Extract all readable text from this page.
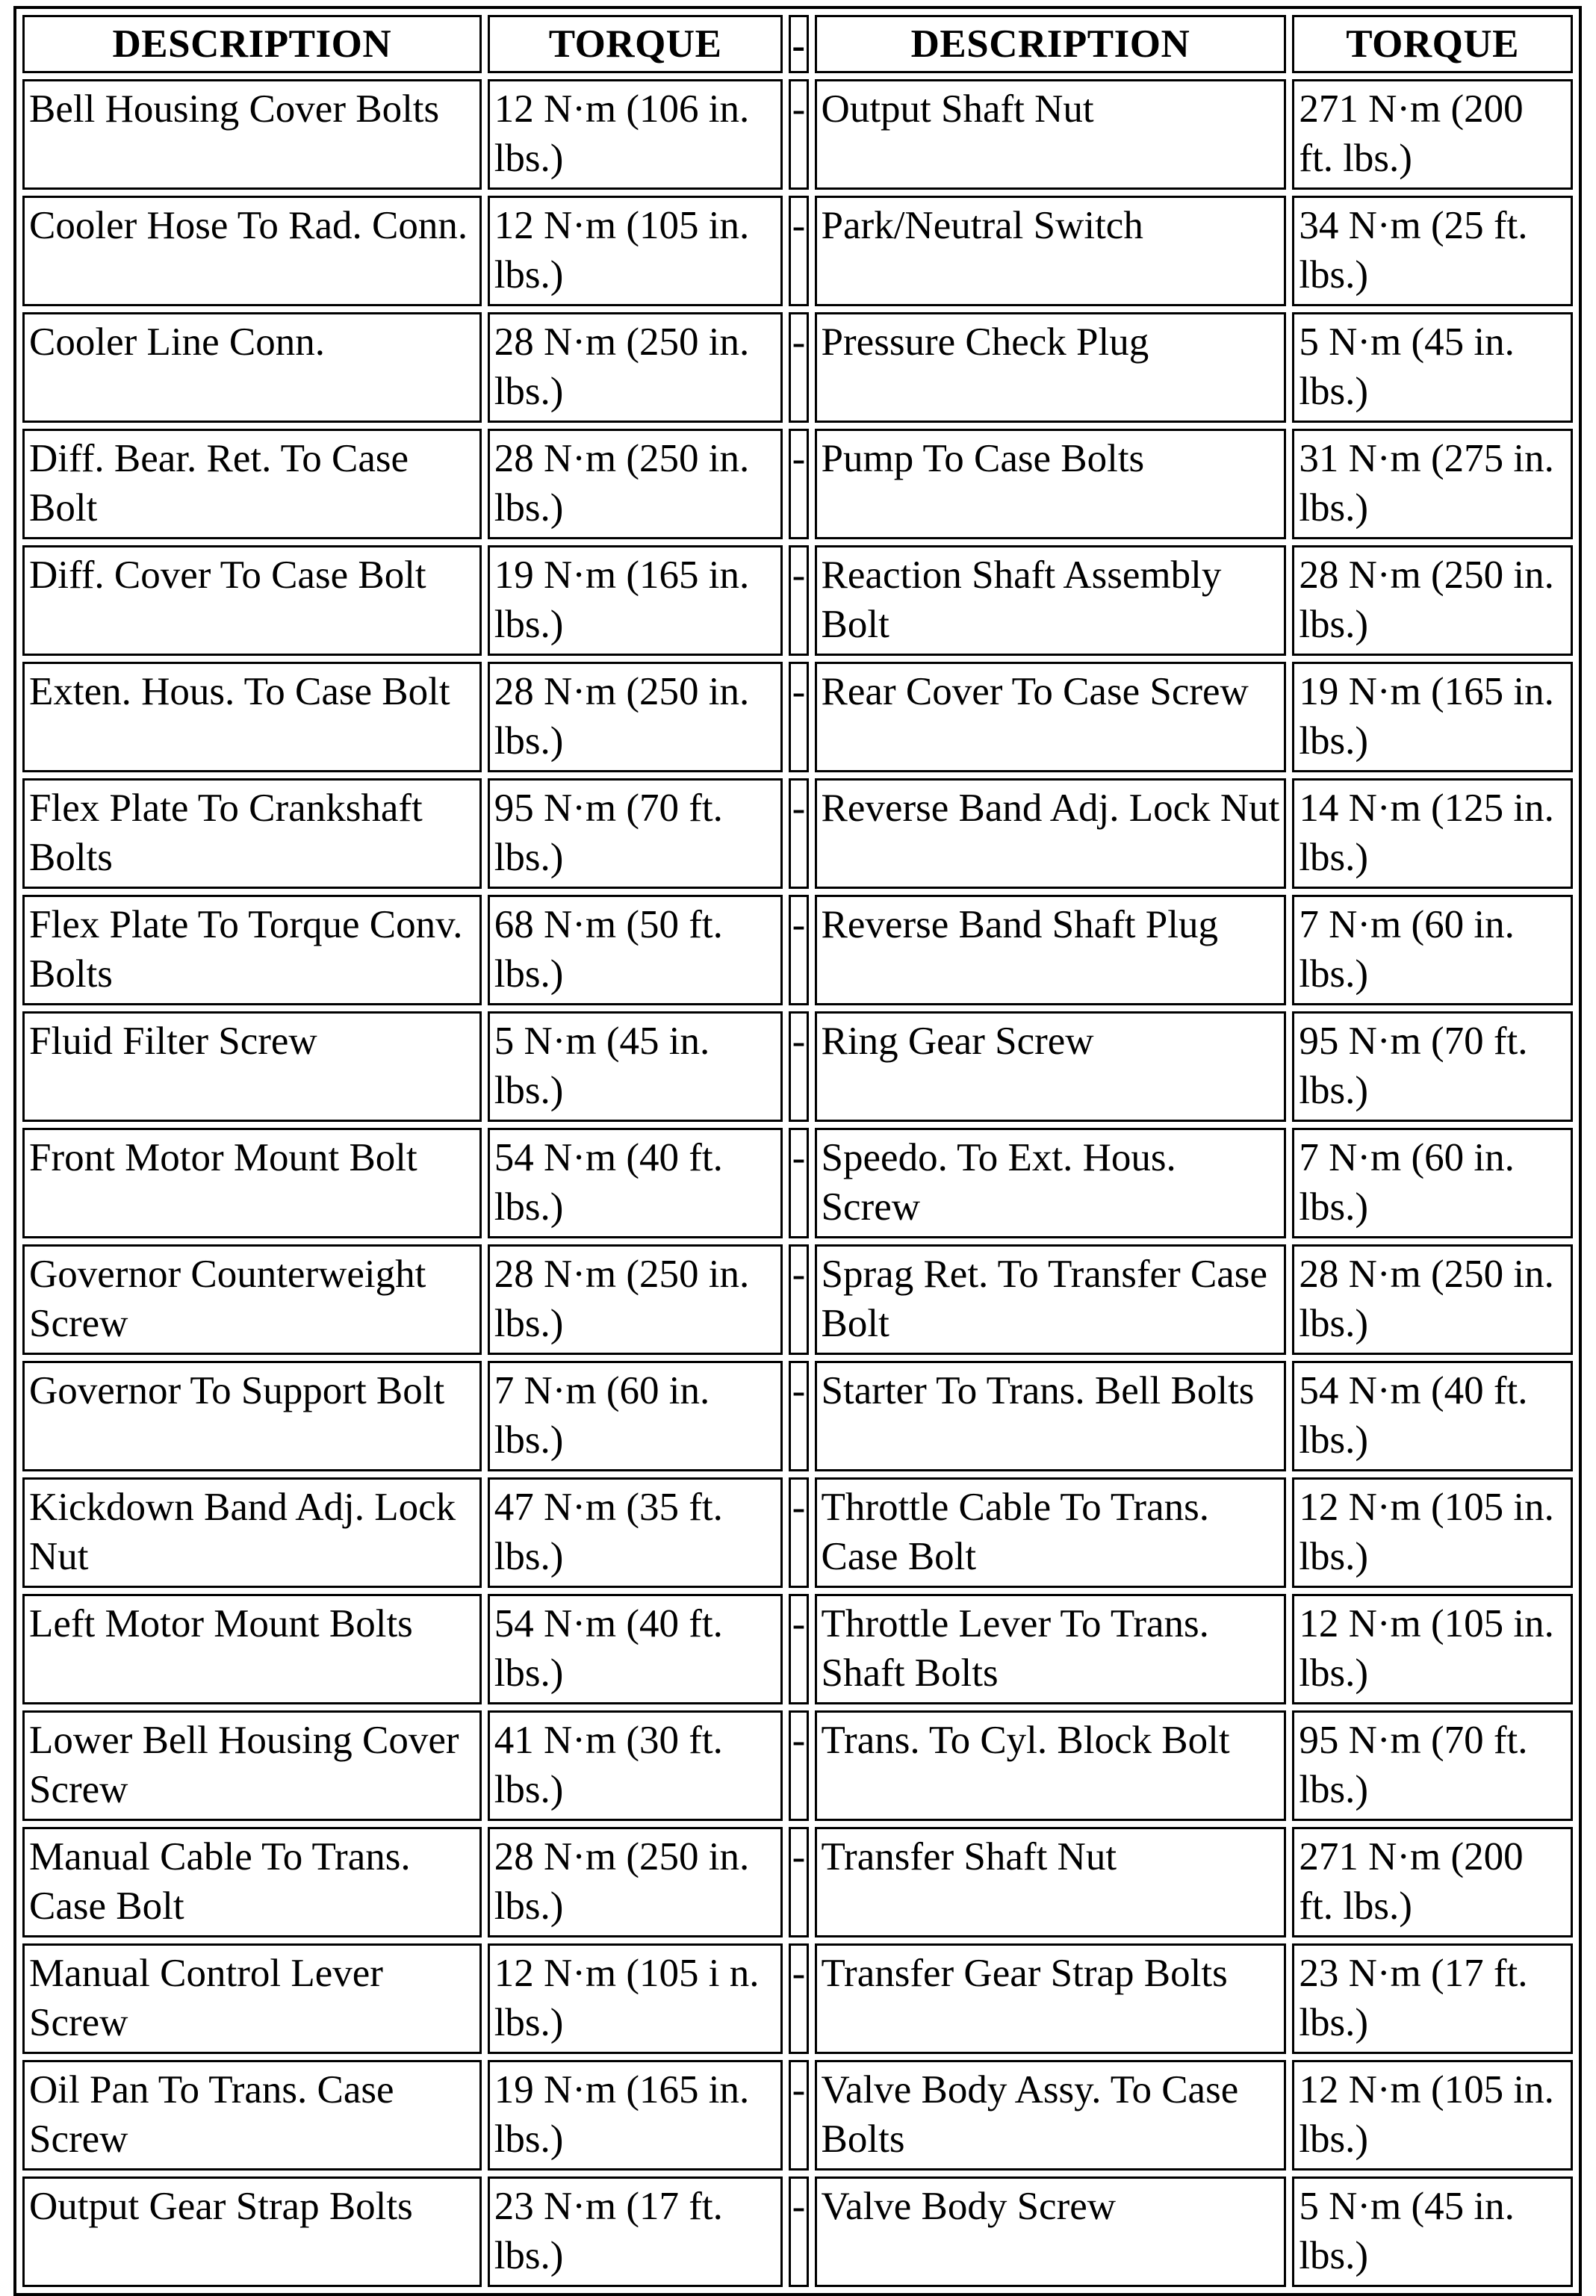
DESCRIPTION	TORQUE	-	DESCRIPTION	TORQUE
Bell Housing Cover Bolts	12 N·m (106 in. lbs.)	-	Output Shaft Nut	271 N·m (200 ft. lbs.)
Cooler Hose To Rad. Conn.	12 N·m (105 in. lbs.)	-	Park/Neutral Switch	34 N·m (25 ft. lbs.)
Cooler Line Conn.	28 N·m (250 in. lbs.)	-	Pressure Check Plug	5 N·m (45 in. lbs.)
Diff. Bear. Ret. To Case Bolt	28 N·m (250 in. lbs.)	-	Pump To Case Bolts	31 N·m (275 in. lbs.)
Diff. Cover To Case Bolt	19 N·m (165 in. lbs.)	-	Reaction Shaft Assembly Bolt	28 N·m (250 in. lbs.)
Exten. Hous. To Case Bolt	28 N·m (250 in. lbs.)	-	Rear Cover To Case Screw	19 N·m (165 in. lbs.)
Flex Plate To Crankshaft Bolts	95 N·m (70 ft. lbs.)	-	Reverse Band Adj. Lock Nut	14 N·m (125 in. lbs.)
Flex Plate To Torque Conv. Bolts	68 N·m (50 ft. lbs.)	-	Reverse Band Shaft Plug	7 N·m (60 in. lbs.)
Fluid Filter Screw	5 N·m (45 in. lbs.)	-	Ring Gear Screw	95 N·m (70 ft. lbs.)
Front Motor Mount Bolt	54 N·m (40 ft. lbs.)	-	Speedo. To Ext. Hous. Screw	7 N·m (60 in. lbs.)
Governor Counterweight Screw	28 N·m (250 in. lbs.)	-	Sprag Ret. To Transfer Case Bolt	28 N·m (250 in. lbs.)
Governor To Support Bolt	7 N·m (60 in. lbs.)	-	Starter To Trans. Bell Bolts	54 N·m (40 ft. lbs.)
Kickdown Band Adj. Lock Nut	47 N·m (35 ft. lbs.)	-	Throttle Cable To Trans. Case Bolt	12 N·m (105 in. lbs.)
Left Motor Mount Bolts	54 N·m (40 ft. lbs.)	-	Throttle Lever To Trans. Shaft Bolts	12 N·m (105 in. lbs.)
Lower Bell Housing Cover Screw	41 N·m (30 ft. lbs.)	-	Trans. To Cyl. Block Bolt	95 N·m (70 ft. lbs.)
Manual Cable To Trans. Case Bolt	28 N·m (250 in. lbs.)	-	Transfer Shaft Nut	271 N·m (200 ft. lbs.)
Manual Control Lever Screw	12 N·m (105 i n. lbs.)	-	Transfer Gear Strap Bolts	23 N·m (17 ft. lbs.)
Oil Pan To Trans. Case Screw	19 N·m (165 in. lbs.)	-	Valve Body Assy. To Case Bolts	12 N·m (105 in. lbs.)
Output Gear Strap Bolts	23 N·m (17 ft. lbs.)	-	Valve Body Screw	5 N·m (45 in. lbs.)
